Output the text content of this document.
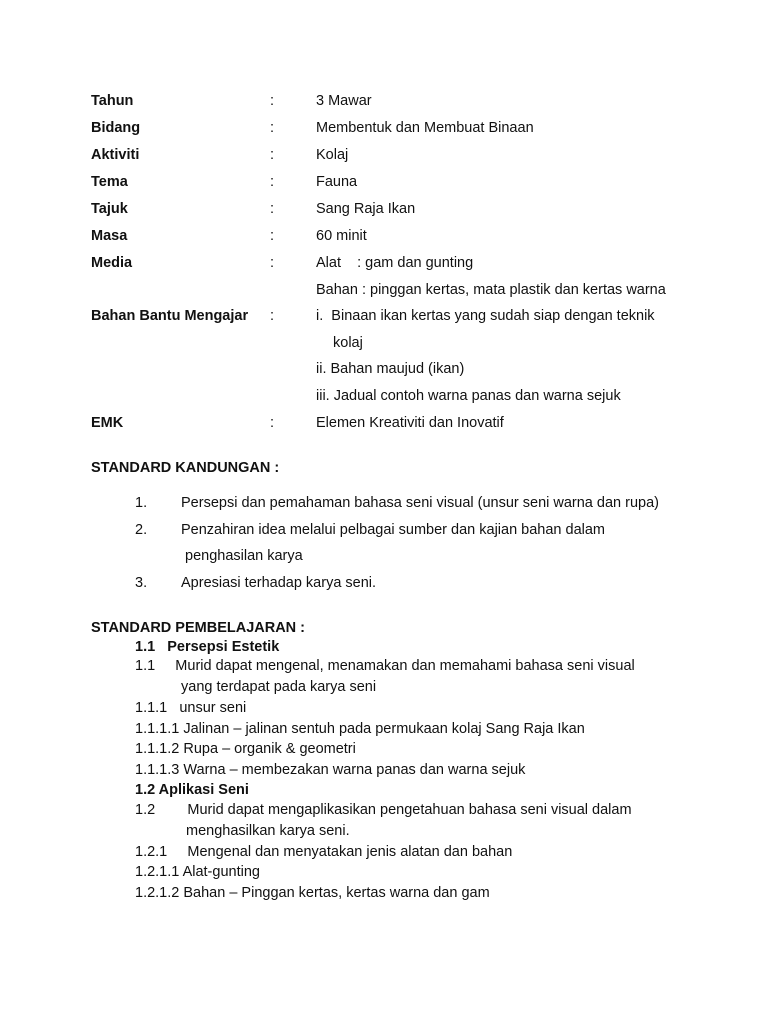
Tahun	:	3 Mawar
Bidang	:	Membentuk dan Membuat Binaan
Aktiviti	:	Kolaj
Tema	:	Fauna
Tajuk	:	Sang Raja Ikan
Masa	:	60 minit
Media	:	Alat    : gam dan gunting
Bahan : pinggan kertas, mata plastik dan kertas warna
Bahan Bantu Mengajar :	i.  Binaan ikan kertas yang sudah siap dengan teknik
kolaj
ii. Bahan maujud (ikan)
iii. Jadual contoh warna panas dan warna sejuk
EMK	:	Elemen Kreativiti dan Inovatif
STANDARD KANDUNGAN :
1. Persepsi dan pemahaman bahasa seni visual (unsur seni warna dan rupa)
2. Penzahiran idea melalui pelbagai sumber dan kajian bahan dalam
penghasilan karya
3. Apresiasi terhadap karya seni.
STANDARD PEMBELAJARAN :
1.1   Persepsi Estetik
1.1     Murid dapat mengenal, menamakan dan memahami bahasa seni visual
yang terdapat pada karya seni
1.1.1   unsur seni
1.1.1.1 Jalinan – jalinan sentuh pada permukaan kolaj Sang Raja Ikan
1.1.1.2 Rupa – organik & geometri
1.1.1.3 Warna – membezakan warna panas dan warna sejuk
1.2 Aplikasi Seni
1.2        Murid dapat mengaplikasikan pengetahuan bahasa seni visual dalam
menghasilkan karya seni.
1.2.1     Mengenal dan menyatakan jenis alatan dan bahan
1.2.1.1 Alat-gunting
1.2.1.2 Bahan – Pinggan kertas, kertas warna dan gam
